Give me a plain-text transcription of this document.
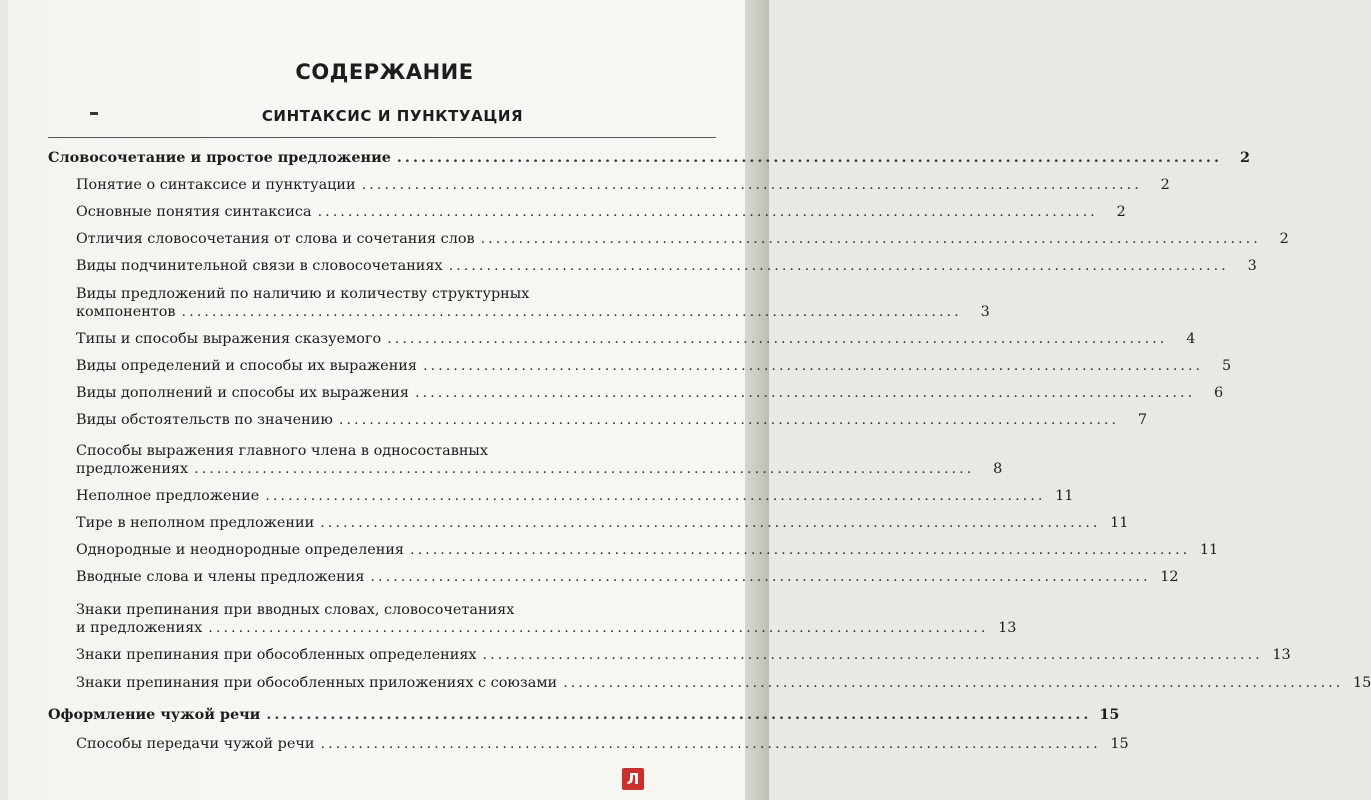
СОДЕРЖАНИЕ
СИНТАКСИС И ПУНКТУАЦИЯ
Словосочетание и простое предложение .......................................................................................................	2
Понятие о синтаксисе и пунктуации .......................................................................................................	2
Основные понятия синтаксиса .......................................................................................................	2
Отличия словосочетания от слова и сочетания слов .......................................................................................................	2
Виды подчинительной связи в словосочетаниях .......................................................................................................	3
Виды предложений по наличию и количеству структурных
компонентов .......................................................................................................	3
Типы и способы выражения сказуемого .......................................................................................................	4
Виды определений и способы их выражения .......................................................................................................	5
Виды дополнений и способы их выражения .......................................................................................................	6
Виды обстоятельств по значению .......................................................................................................	7
Способы выражения главного члена в односоставных
предложениях .......................................................................................................	8
Неполное предложение ....................................................................................................... 11
Тире в неполном предложении ....................................................................................................... 11
Однородные и неоднородные определения ....................................................................................................... 11
Вводные слова и члены предложения ....................................................................................................... 12
Знаки препинания при вводных словах, словосочетаниях
и предложениях ....................................................................................................... 13
Знаки препинания при обособленных определениях ....................................................................................................... 13
Знаки препинания при обособленных приложениях с союзами ....................................................................................................... 15
Оформление чужой речи ....................................................................................................... 15
Способы передачи чужой речи ....................................................................................................... 15
Л
